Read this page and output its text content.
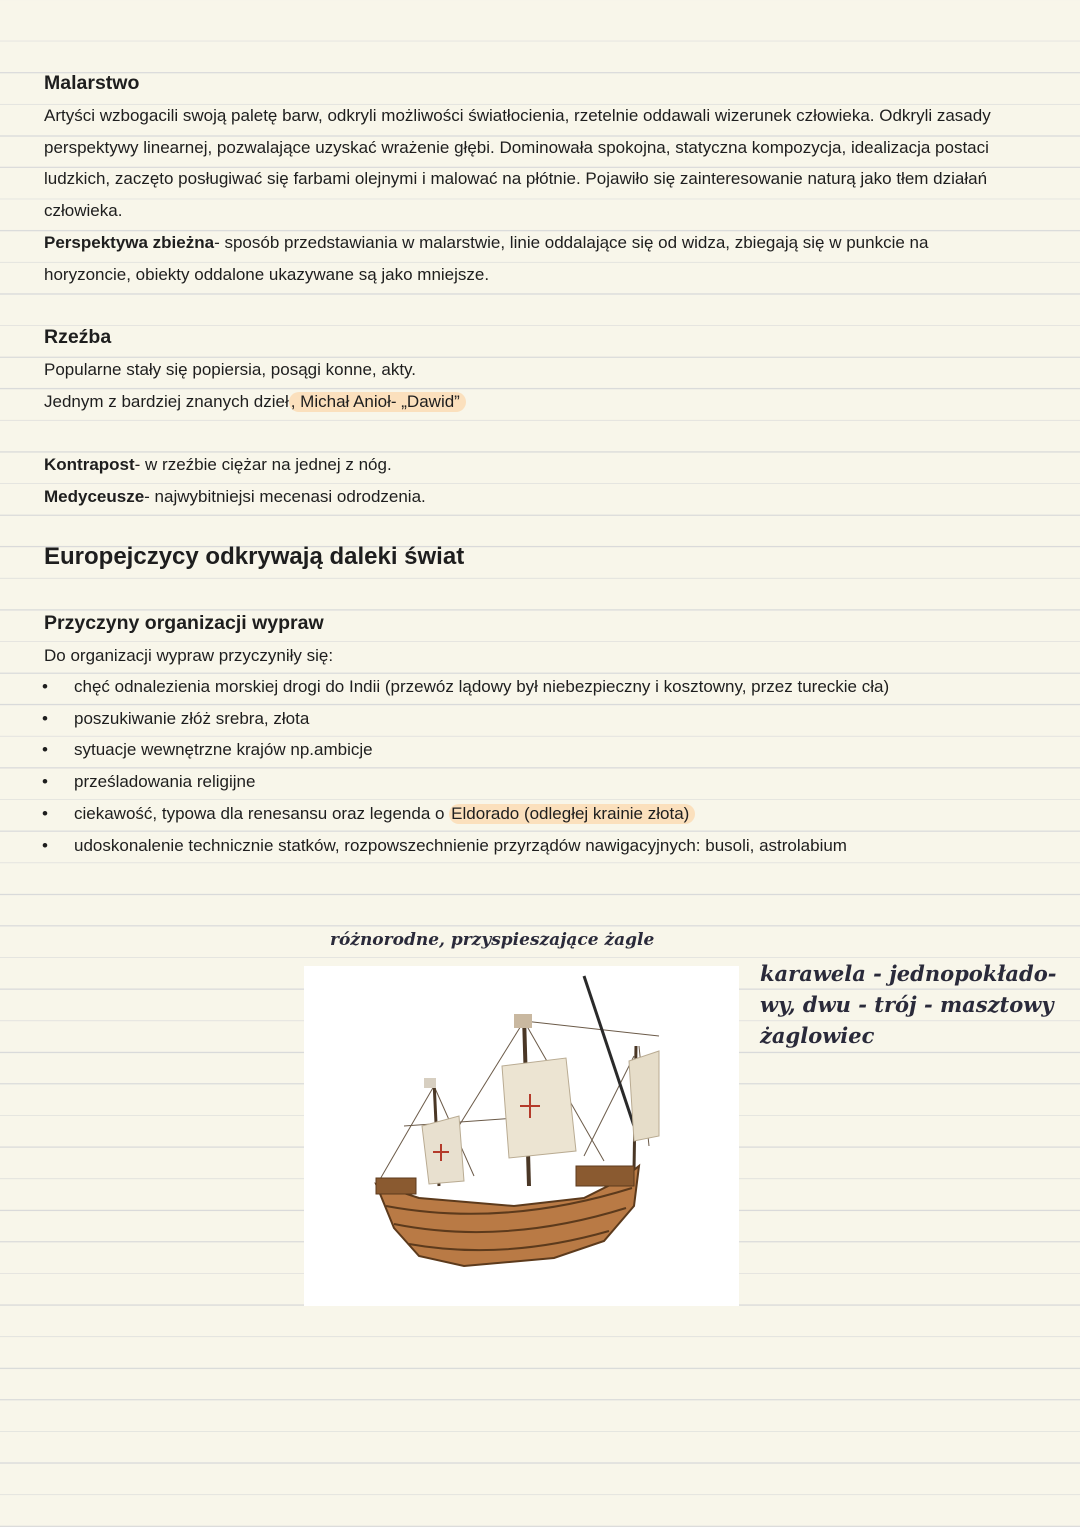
Malarstwo
Artyści wzbogacili swoją paletę barw, odkryli możliwości światłocienia, rzetelnie oddawali wizerunek człowieka. Odkryli zasady
perspektywy linearnej, pozwalające uzyskać wrażenie głębi. Dominowała spokojna, statyczna kompozycja, idealizacja postaci
ludzkich, zaczęto posługiwać się farbami olejnymi i malować na płótnie. Pojawiło się zainteresowanie naturą jako tłem działań
człowieka.
Perspektywa zbieżna- sposób przedstawiania w malarstwie, linie oddalające się od widza, zbiegają się w punkcie na
horyzoncie, obiekty oddalone ukazywane są jako mniejsze.
Rzeźba
Popularne stały się popiersia, posągi konne, akty.
Jednym z bardziej znanych dzieł , Michał Anioł- „Dawid”
Kontrapost- w rzeźbie ciężar na jednej z nóg.
Medyceusze- najwybitniejsi mecenasi odrodzenia.
Europejczycy odkrywają daleki świat
Przyczyny organizacji wypraw
Do organizacji wypraw przyczyniły się:
• chęć odnalezienia morskiej drogi do Indii (przewóz lądowy był niebezpieczny i kosztowny, przez tureckie cła)
• poszukiwanie złóż srebra, złota
• sytuacje wewnętrzne krajów np.ambicje
• prześladowania religijne
• ciekawość, typowa dla renesansu oraz legenda o Eldorado (odległej krainie złota)
• udoskonalenie technicznie statków, rozpowszechnienie przyrządów nawigacyjnych: busoli, astrolabium
różnorodne, przyspieszające żagle
karawela - jednopokłado-
wy, dwu - trój - masztowy
żaglowiec
